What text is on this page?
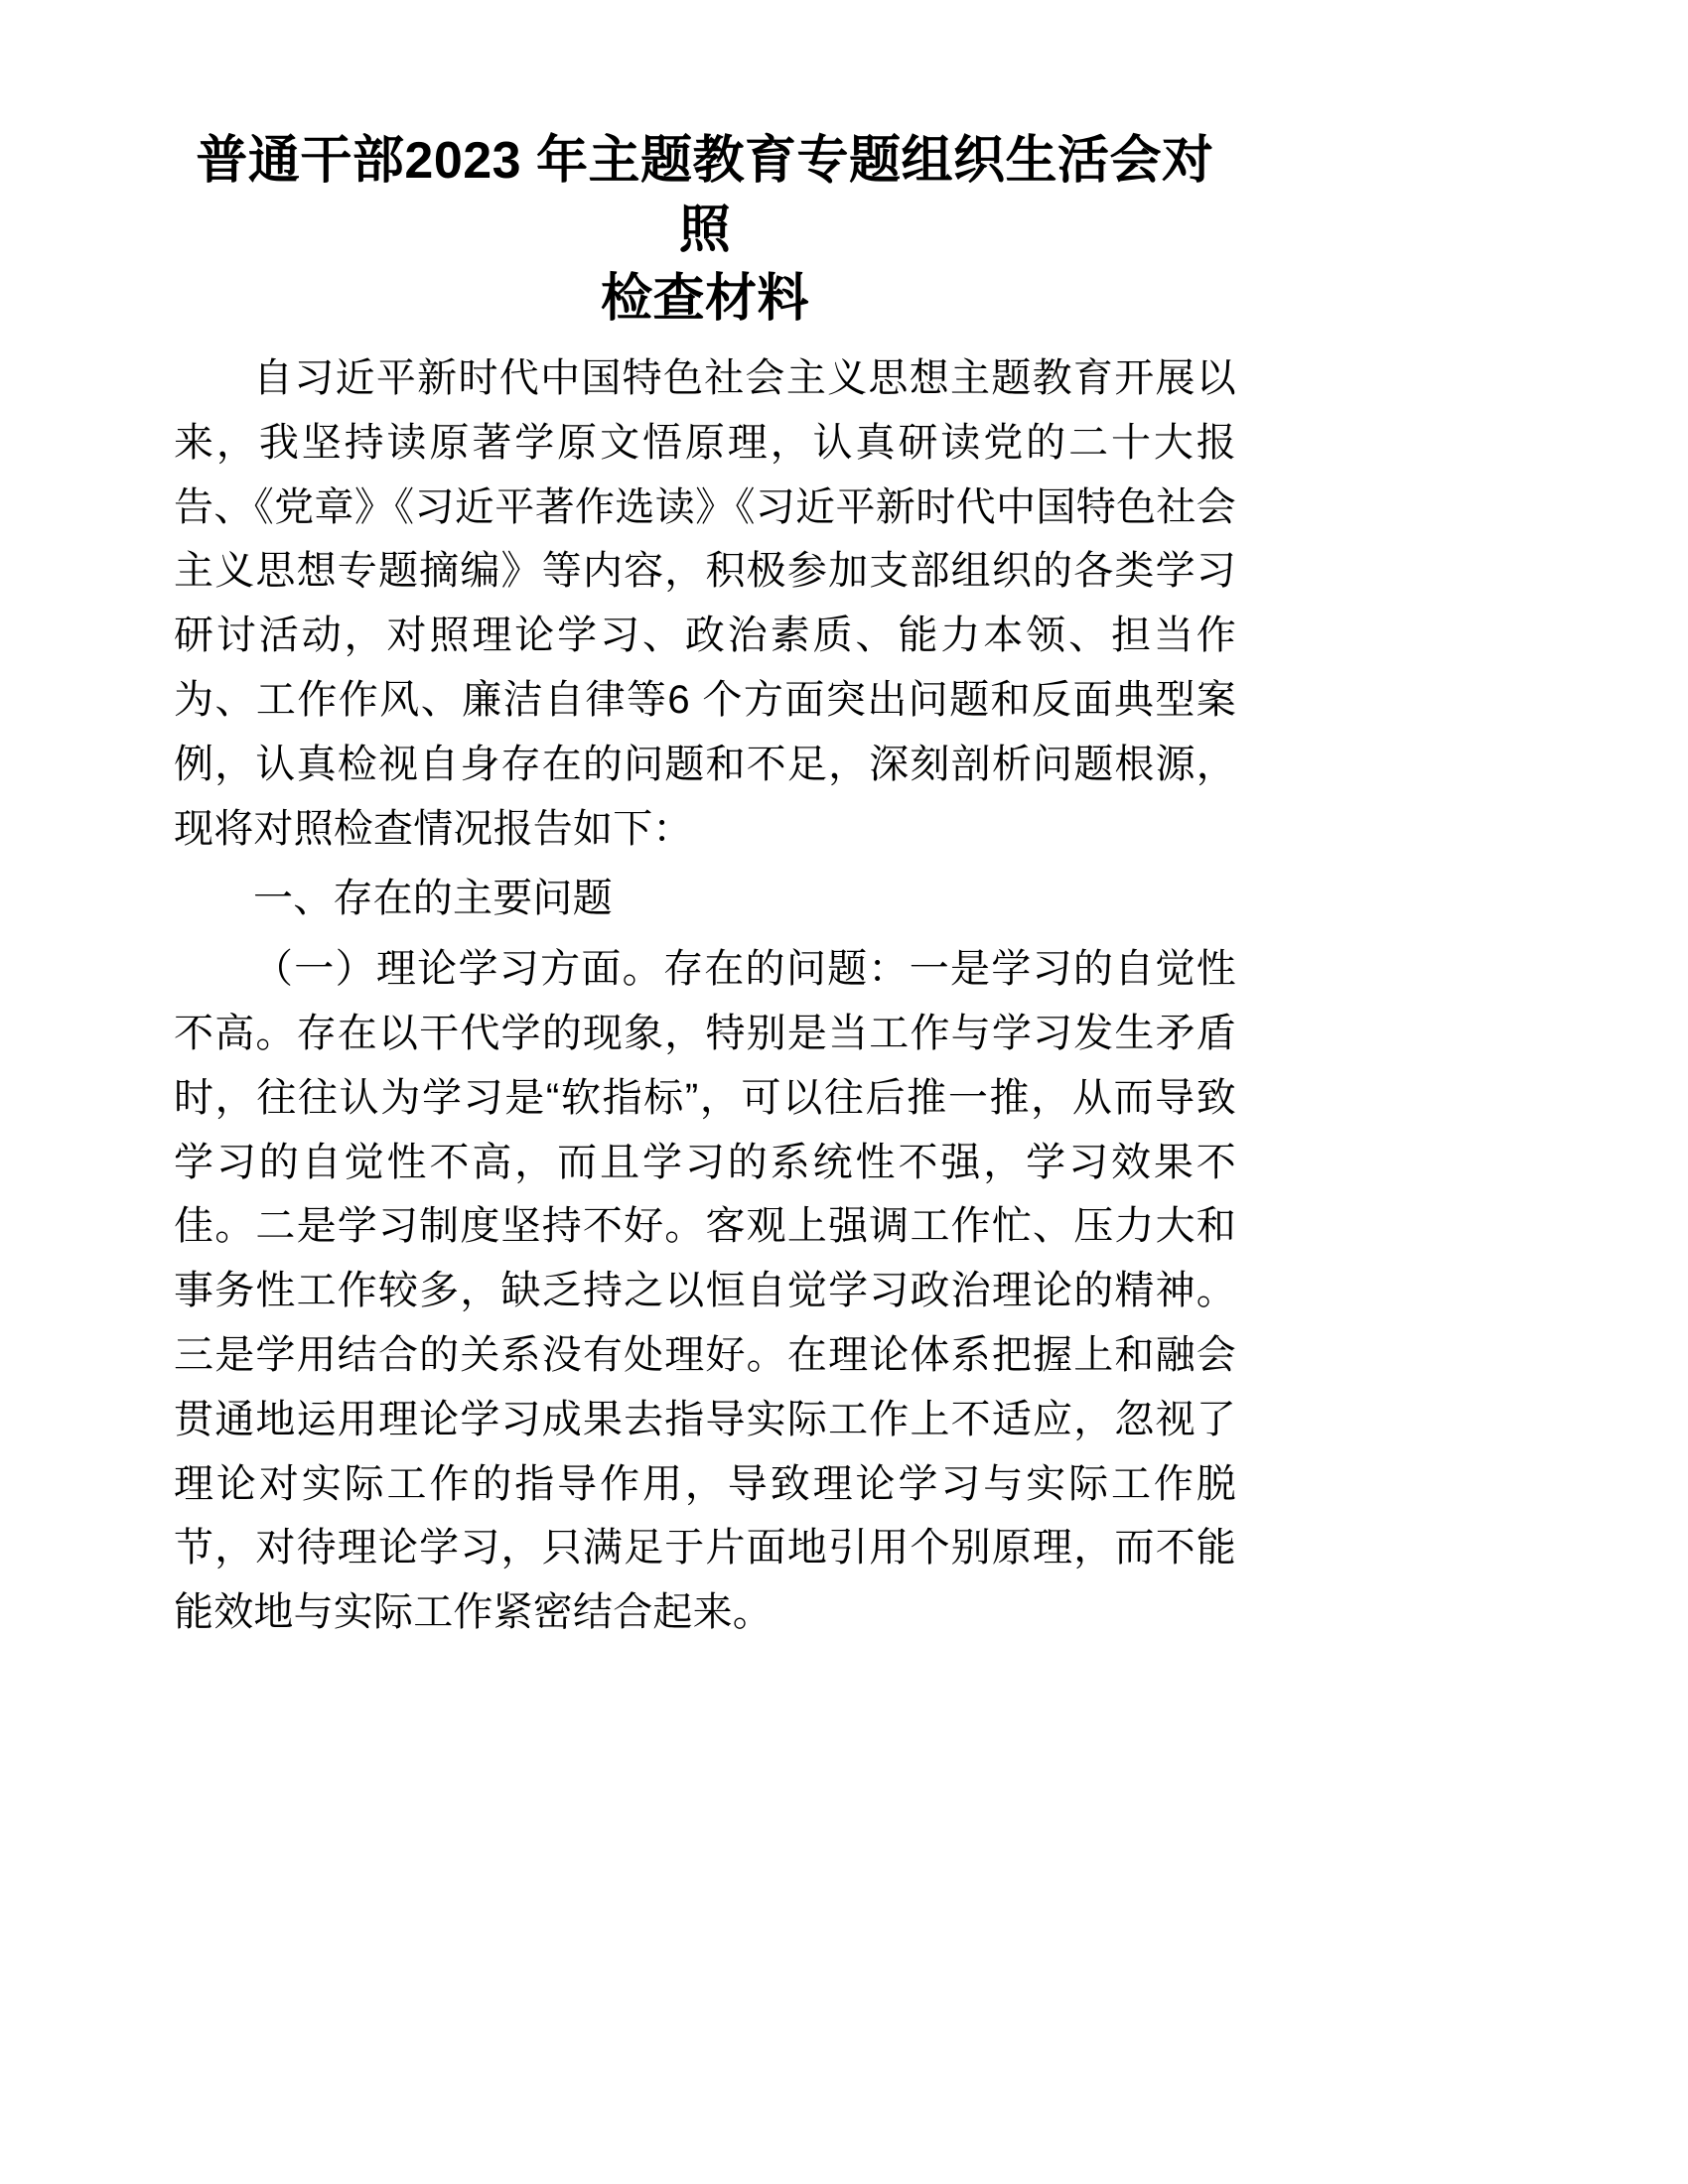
普通干部2023 年主题教育专题组织生活会对照
检查材料

自习近平新时代中国特色社会主义思想主题教育开展以来，我坚持读原著学原文悟原理，认真研读党的二十大报告、《党章》《习近平著作选读》《习近平新时代中国特色社会主义思想专题摘编》等内容，积极参加支部组织的各类学习研讨活动，对照理论学习、政治素质、能力本领、担当作为、工作作风、廉洁自律等6 个方面突出问题和反面典型案例，认真检视自身存在的问题和不足，深刻剖析问题根源，现将对照检查情况报告如下：

一、存在的主要问题

（一）理论学习方面。存在的问题：一是学习的自觉性不高。存在以干代学的现象，特别是当工作与学习发生矛盾时，往往认为学习是“软指标”，可以往后推一推，从而导致学习的自觉性不高，而且学习的系统性不强，学习效果不佳。二是学习制度坚持不好。客观上强调工作忙、压力大和事务性工作较多，缺乏持之以恒自觉学习政治理论的精神。三是学用结合的关系没有处理好。在理论体系把握上和融会贯通地运用理论学习成果去指导实际工作上不适应，忽视了理论对实际工作的指导作用，导致理论学习与实际工作脱节，对待理论学习，只满足于片面地引用个别原理，而不能能效地与实际工作紧密结合起来。
